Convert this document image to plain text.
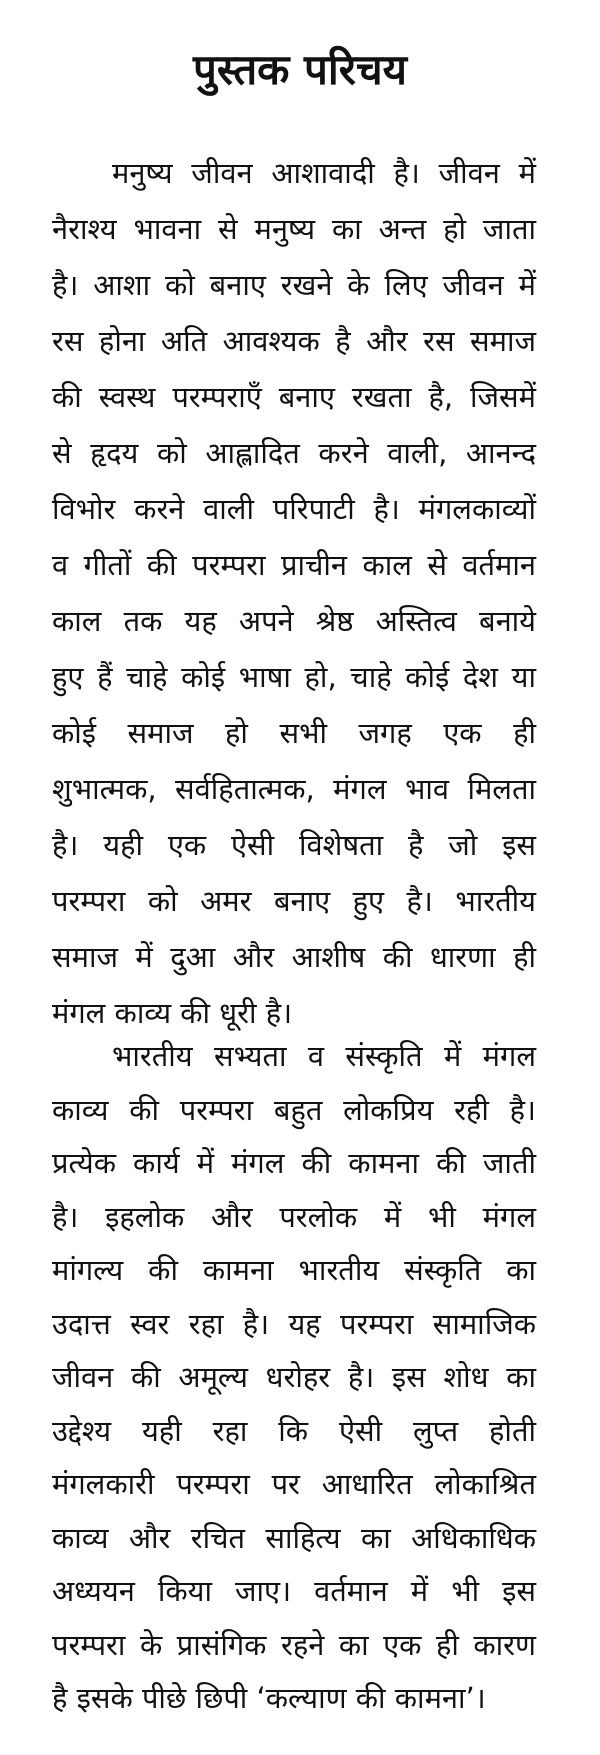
पुस्तक परिचय
मनुष्य जीवन आशावादी है। जीवन में
नैराश्य भावना से मनुष्य का अन्त हो जाता
है। आशा को बनाए रखने के लिए जीवन में
रस होना अति आवश्यक है और रस समाज
की स्वस्थ परम्पराएँ बनाए रखता है, जिसमें
से हृदय को आह्लादित करने वाली, आनन्द
विभोर करने वाली परिपाटी है। मंगलकाव्यों
व गीतों की परम्परा प्राचीन काल से वर्तमान
काल तक यह अपने श्रेष्ठ अस्तित्व बनाये
हुए हैं चाहे कोई भाषा हो, चाहे कोई देश या
कोई समाज हो सभी जगह एक ही
शुभात्मक, सर्वहितात्मक, मंगल भाव मिलता
है। यही एक ऐसी विशेषता है जो इस
परम्परा को अमर बनाए हुए है। भारतीय
समाज में दुआ और आशीष की धारणा ही
मंगल काव्य की धूरी है।
भारतीय सभ्यता व संस्कृति में मंगल
काव्य की परम्परा बहुत लोकप्रिय रही है।
प्रत्येक कार्य में मंगल की कामना की जाती
है। इहलोक और परलोक में भी मंगल
मांगल्य की कामना भारतीय संस्कृति का
उदात्त स्वर रहा है। यह परम्परा सामाजिक
जीवन की अमूल्य धरोहर है। इस शोध का
उद्देश्य यही रहा कि ऐसी लुप्त होती
मंगलकारी परम्परा पर आधारित लोकाश्रित
काव्य और रचित साहित्य का अधिकाधिक
अध्ययन किया जाए। वर्तमान में भी इस
परम्परा के प्रासंगिक रहने का एक ही कारण
है इसके पीछे छिपी ‘कल्याण की कामना’।
